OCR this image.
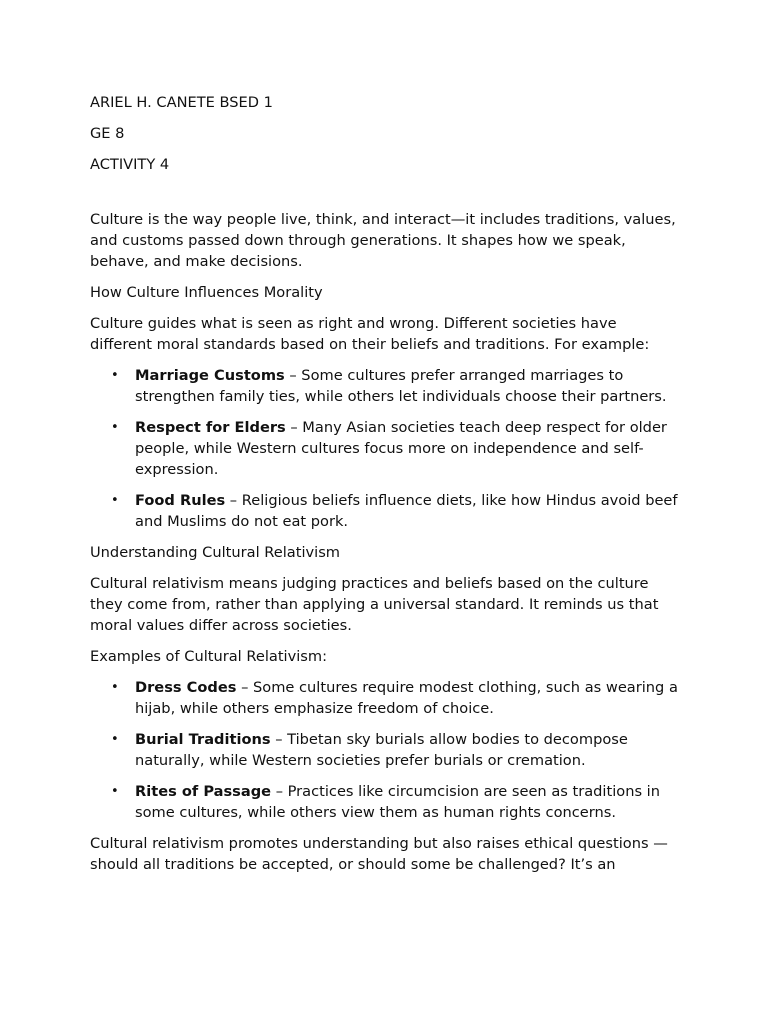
ARIEL H. CANETE BSED 1

GE 8

ACTIVITY 4

Culture is the way people live, think, and interact—it includes traditions, values, and customs passed down through generations. It shapes how we speak, behave, and make decisions.

How Culture Influences Morality

Culture guides what is seen as right and wrong. Different societies have different moral standards based on their beliefs and traditions. For example:

• Marriage Customs – Some cultures prefer arranged marriages to strengthen family ties, while others let individuals choose their partners.
• Respect for Elders – Many Asian societies teach deep respect for older people, while Western cultures focus more on independence and self-expression.
• Food Rules – Religious beliefs influence diets, like how Hindus avoid beef and Muslims do not eat pork.

Understanding Cultural Relativism

Cultural relativism means judging practices and beliefs based on the culture they come from, rather than applying a universal standard. It reminds us that moral values differ across societies.

Examples of Cultural Relativism:

• Dress Codes – Some cultures require modest clothing, such as wearing a hijab, while others emphasize freedom of choice.
• Burial Traditions – Tibetan sky burials allow bodies to decompose naturally, while Western societies prefer burials or cremation.
• Rites of Passage – Practices like circumcision are seen as traditions in some cultures, while others view them as human rights concerns.

Cultural relativism promotes understanding but also raises ethical questions —should all traditions be accepted, or should some be challenged? It’s an
